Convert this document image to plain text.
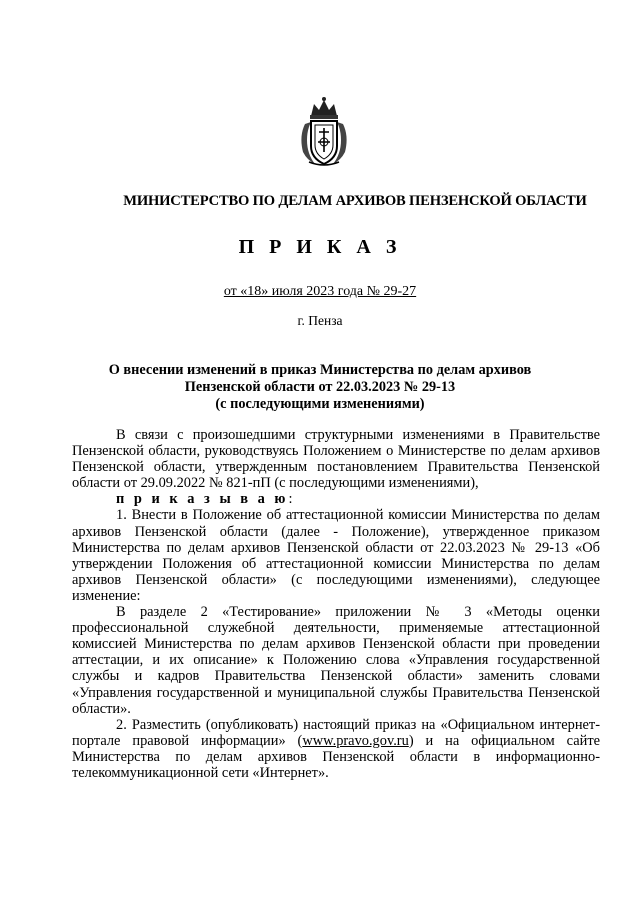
МИНИСТЕРСТВО ПО ДЕЛАМ АРХИВОВ ПЕНЗЕНСКОЙ ОБЛАСТИ
П Р И К А З
от «18» июля 2023 года № 29-27
г. Пенза
О внесении изменений в приказ Министерства по делам архивов
Пензенской области от 22.03.2023 № 29-13
(с последующими изменениями)

В связи с произошедшими структурными изменениями в Правительстве Пензенской области, руководствуясь Положением о Министерстве по делам архивов Пензенской области, утвержденным постановлением Правительства Пензенской области от 29.09.2022 № 821-пП (с последующими изменениями),

п р и к а з ы в а ю:

1. Внести в Положение об аттестационной комиссии Министерства по делам архивов Пензенской области (далее - Положение), утвержденное приказом Министерства по делам архивов Пензенской области от 22.03.2023 № 29-13 «Об утверждении Положения об аттестационной комиссии Министерства по делам архивов Пензенской области» (с последующими изменениями), следующее изменение:

В разделе 2 «Тестирование» приложении № 3 «Методы оценки профессиональной служебной деятельности, применяемые аттестационной комиссией Министерства по делам архивов Пензенской области при проведении аттестации, и их описание» к Положению слова «Управления государственной службы и кадров Правительства Пензенской области» заменить словами «Управления государственной и муниципальной службы Правительства Пензенской области».

2. Разместить (опубликовать) настоящий приказ на «Официальном интернет-портале правовой информации» (www.pravo.gov.ru) и на официальном сайте Министерства по делам архивов Пензенской области в информационно-телекоммуникационной сети «Интернет».
